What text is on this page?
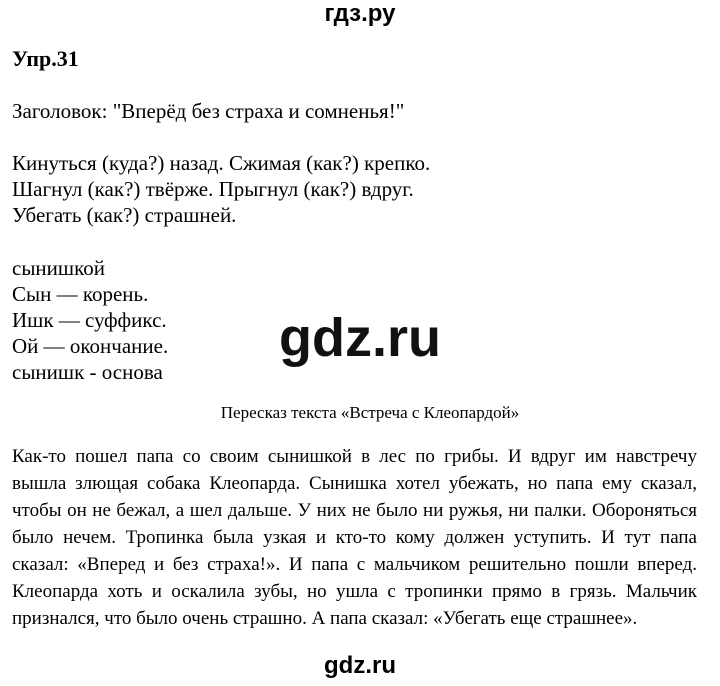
гдз.ру
Упр.31
Заголовок: "Вперёд без страха и сомненья!"
Кинуться (куда?) назад. Сжимая (как?) крепко.
Шагнул (как?) твёрже. Прыгнул (как?) вдруг.
Убегать (как?) страшней.
сынишкой
Сын — корень.
Ишк — суффикс.
Ой — окончание.
сынишк - основа
gdz.ru
Пересказ текста «Встреча с Клеопардой»
Как-то пошел папа со своим сынишкой в лес по грибы. И вдруг им навстречу вышла злющая собака Клеопарда. Сынишка хотел убежать, но папа ему сказал, чтобы он не бежал, а шел дальше. У них не было ни ружья, ни палки. Обороняться было нечем. Тропинка была узкая и кто-то кому должен уступить. И тут папа сказал: «Вперед и без страха!». И папа с мальчиком решительно пошли вперед. Клеопарда хоть и оскалила зубы, но ушла с тропинки прямо в грязь. Мальчик признался, что было очень страшно. А папа сказал: «Убегать еще страшнее».
gdz.ru
